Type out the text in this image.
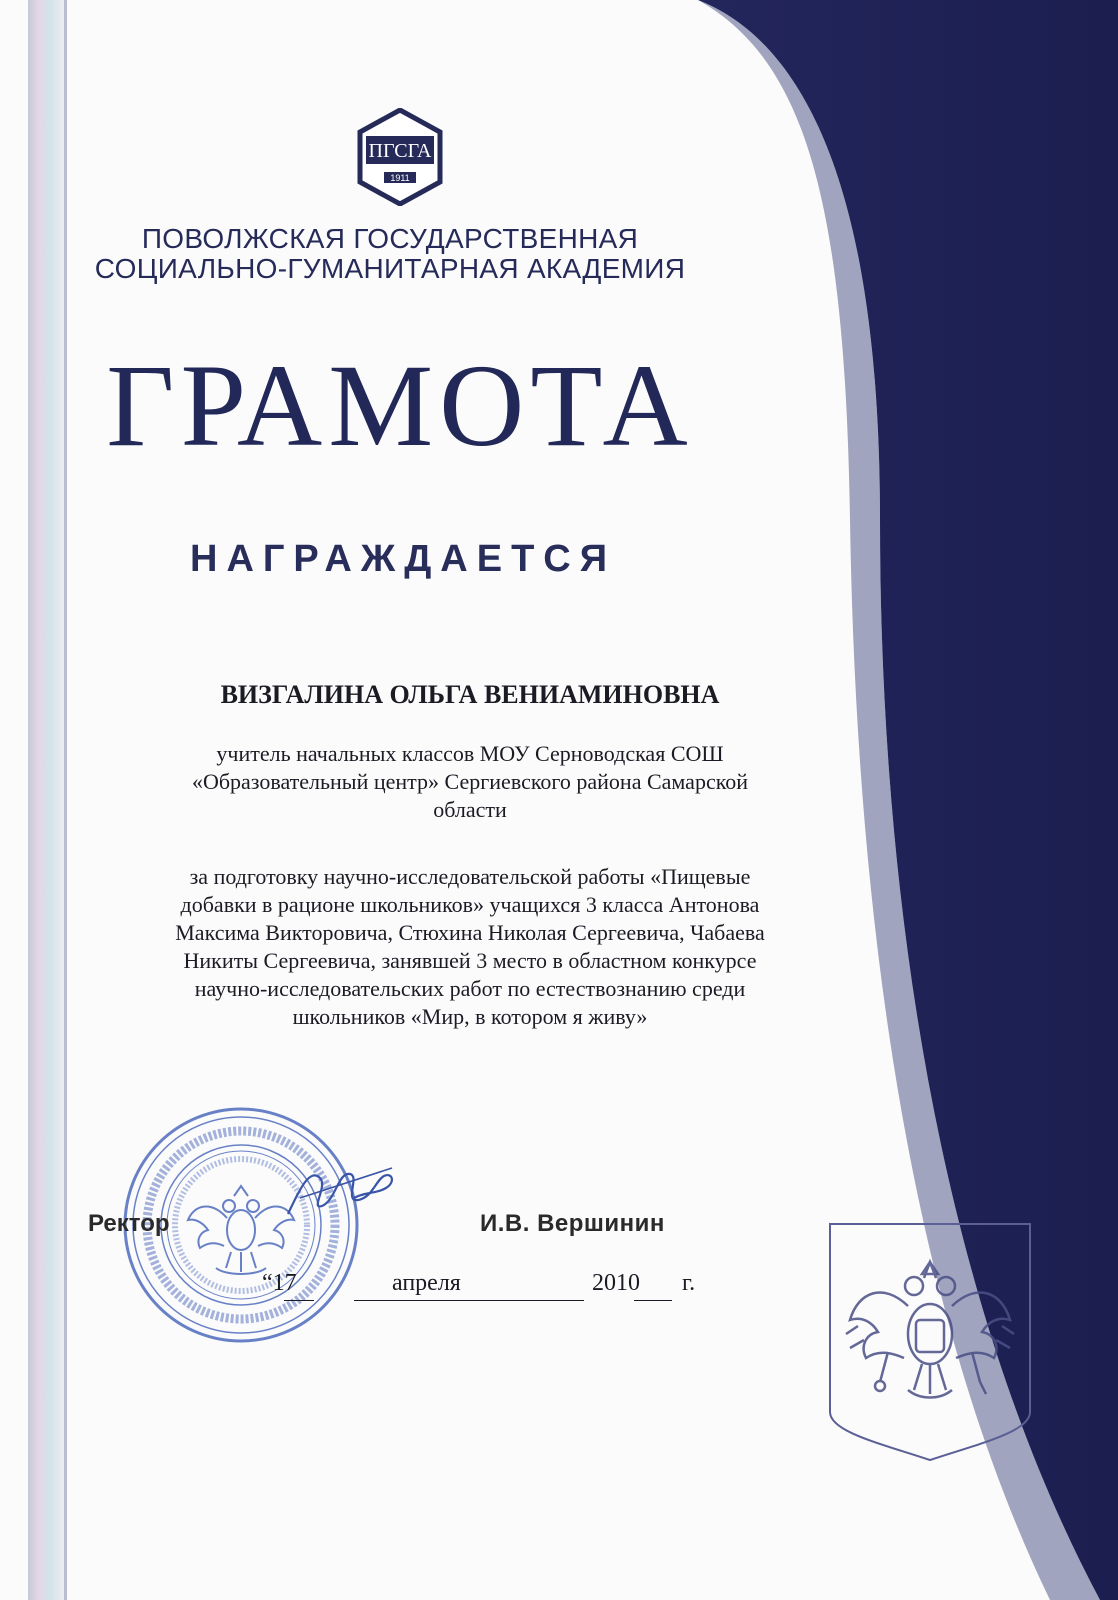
ПГСГА
1911
ПОВОЛЖСКАЯ ГОСУДАРСТВЕННАЯ
СОЦИАЛЬНО-ГУМАНИТАРНАЯ АКАДЕМИЯ
ГРАМОТА
НАГРАЖДАЕТСЯ
ВИЗГАЛИНА ОЛЬГА ВЕНИАМИНОВНА
учитель начальных классов МОУ Серноводская СОШ
«Образовательный центр» Сергиевского района Самарской
области
за подготовку научно-исследовательской работы «Пищевые
добавки в рационе школьников» учащихся 3 класса Антонова
Максима Викторовича, Стюхина Николая Сергеевича, Чабаева
Никиты Сергеевича, занявшей 3 место в областном конкурсе
научно-исследовательских работ по естествознанию среди
школьников «Мир, в котором я живу»
Ректор	И.В. Вершинин
“17	апреля	2010 г.
